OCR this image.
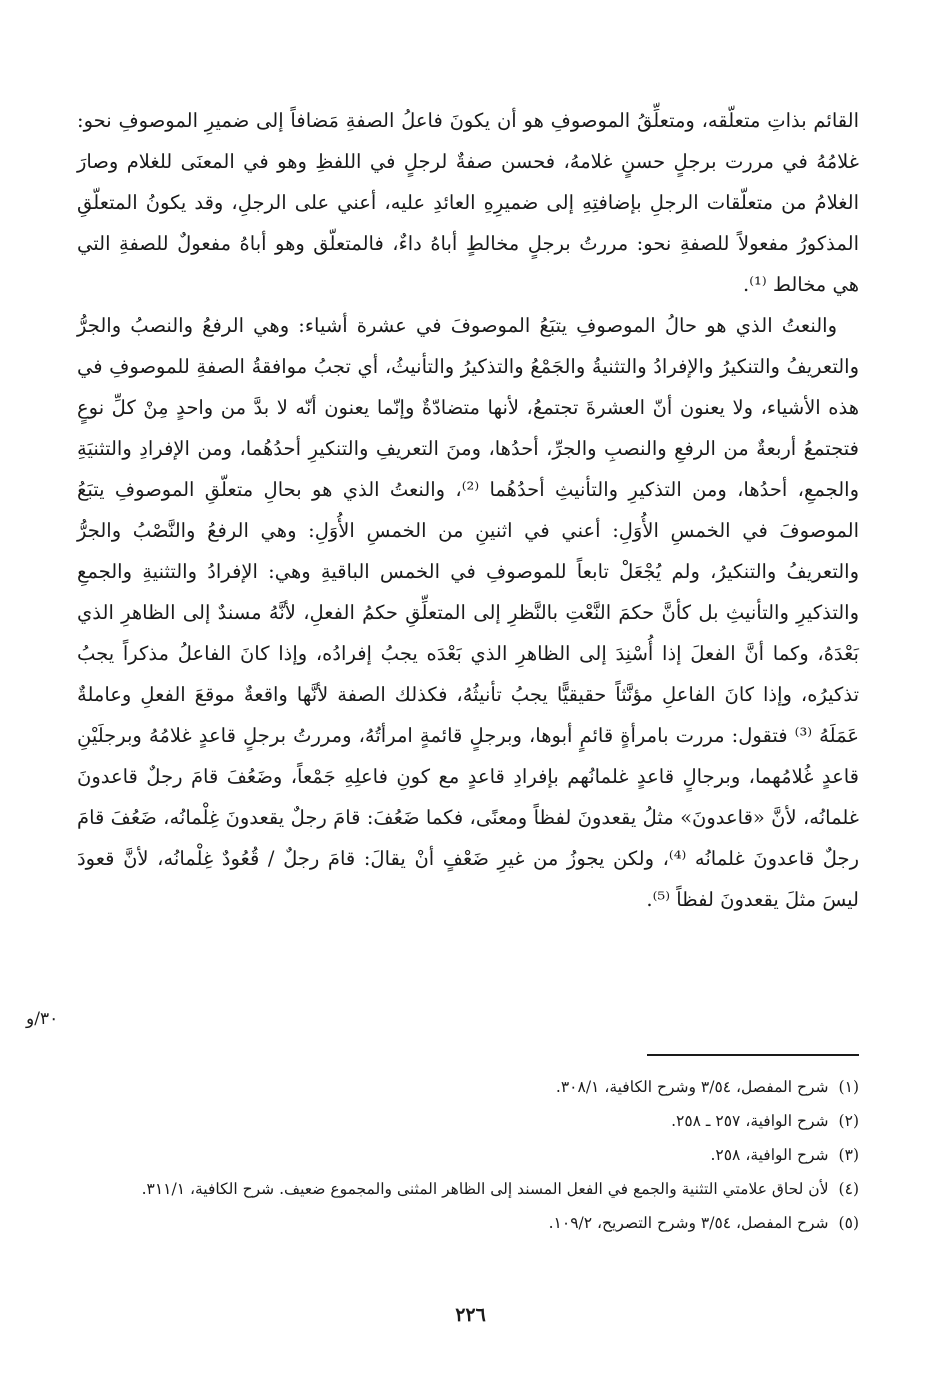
القائم بذاتِ متعلّقه، ومتعلِّقُ الموصوفِ هو أن يكونَ فاعلُ الصفةِ مَضافاً إلى ضميرِ الموصوفِ نحو: غلامُهُ في مررت برجلٍ حسنٍ غلامهُ، فحسن صفةٌ لرجلٍ في اللفظِ وهو في المعنَى للغلام وصارَ الغلامُ من متعلّقات الرجلِ بإضافتِهِ إلى ضميرِهِ العائدِ عليه، أعني على الرجلِ، وقد يكونُ المتعلّقِ المذكورُ مفعولاً للصفةِ نحو: مررتُ برجلٍ مخالطٍ أباهُ داءٌ، فالمتعلّق وهو أباهُ مفعولٌ للصفةِ التي هي مخالط ⁽¹⁾.

والنعتُ الذي هو حالُ الموصوفِ يتبَعُ الموصوفَ في عشرة أشياء: وهي الرفعُ والنصبُ والجرُّ والتعريفُ والتنكيرُ والإفرادُ والتثنيةُ والجَمْعُ والتذكيرُ والتأنيثُ، أي تجبُ موافقةُ الصفةِ للموصوفِ في هذه الأشياء، ولا يعنون أنّ العشرةَ تجتمعُ، لأنها متضادّةٌ وإنّما يعنون أنّه لا بدَّ من واحدٍ مِنْ كلِّ نوعٍ فتجتمعُ أربعةٌ من الرفعِ والنصبِ والجرِّ، أحدُها، ومنَ التعريفِ والتنكيرِ أحدُهُما، ومن الإفرادِ والتثنيَةِ والجمعِ، أحدُها، ومن التذكيرِ والتأنيثِ أحدُهُما ⁽²⁾، والنعتُ الذي هو بحالِ متعلّقِ الموصوفِ يتبَعُ الموصوفَ في الخمسِ الأُوَلِ: أعني في اثنينِ من الخمسِ الأُوَلِ: وهي الرفعُ والنَّصْبُ والجرُّ والتعريفُ والتنكيرُ، ولم يُجْعَلْ تابعاً للموصوفِ في الخمس الباقيةِ وهي: الإفرادُ والتثنيةِ والجمعِ والتذكيرِ والتأنيثِ بل كأنَّ حكمَ النَّعْتِ بالنَّظرِ إلى المتعلِّقِ حكمُ الفعلِ، لأنَّهُ مسندٌ إلى الظاهرِ الذي بَعْدَهُ، وكما أنَّ الفعلَ إذا أُسْنِدَ إلى الظاهرِ الذي بَعْدَه يجبُ إفرادُه، وإذا كانَ الفاعلُ مذكراً يجبُ تذكيرُه، وإذا كانَ الفاعلِ مؤنَّثاً حقيقيًّا يجبُ تأنيثُهُ، فكذلك الصفة لأنَّها واقعةٌ موقعَ الفعلِ وعاملةٌ عَمَلَهُ ⁽³⁾ فتقول: مررت بامرأةٍ قائمٍ أبوها، وبرجلٍ قائمةٍ امرأتُهُ، ومررتُ برجلٍ قاعدٍ غلامُهُ وبرجلَيْنِ قاعدٍ غُلامُهما، وبرجالٍ قاعدٍ غلمانُهم بإفرادِ قاعدٍ مع كونِ فاعلِهِ جَمْعاً، وضَعُفَ قامَ رجلٌ قاعدونَ غلمانُه، لأنَّ «قاعدونَ» مثلُ يقعدونَ لفظاً ومعنًى، فكما ضَعُفَ: قامَ رجلٌ يقعدونَ غِلْمانُه، ضَعُفَ قامَ رجلٌ قاعدونَ غلمانُه ⁽⁴⁾، ولكن يجوزُ من غيرِ ضَعْفٍ أنْ يقالَ: قامَ رجلٌ / قُعُودٌ غِلْمانُه، لأنَّ قعودَ ليسَ مثلَ يقعدونَ لفظاً ⁽⁵⁾.

٣٠/و
(١)
شرح المفصل، ٣/٥٤ وشرح الكافية، ٣٠٨/١.
(٢)
شرح الوافية، ٢٥٧ ـ ٢٥٨.
(٣)
شرح الوافية، ٢٥٨.
(٤)
لأن لحاق علامتي التثنية والجمع في الفعل المسند إلى الظاهر المثنى والمجموع ضعيف. شرح الكافية، ٣١١/١.
(٥)
شرح المفصل، ٣/٥٤ وشرح التصريح، ١٠٩/٢.
٢٢٦
